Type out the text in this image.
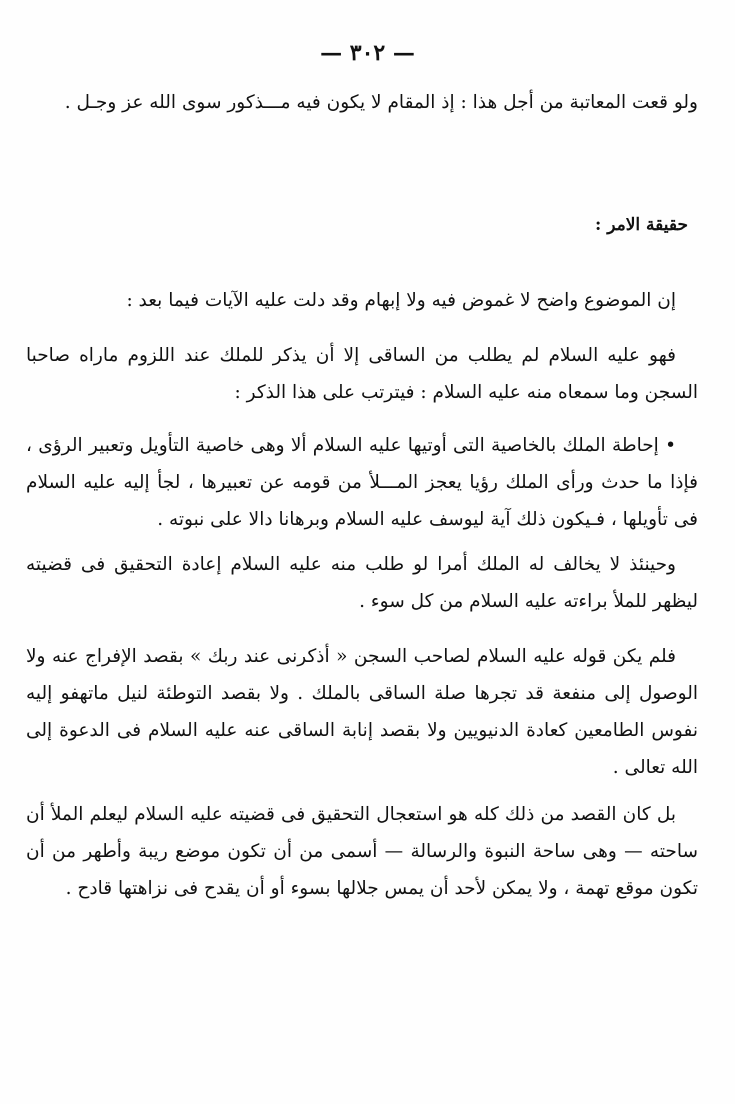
— ٣٠٢ —

ولو قعت المعاتبة من أجل هذا : إذ المقام لا يكون فيه مـــذكور سوى الله عز وجـل .

حقيقة الامر :

إن الموضوع واضح لا غموض فيه ولا إبهام وقد دلت عليه الآيات فيما بعد :

فهو عليه السلام لم يطلب من الساقى إلا أن يذكر للملك عند اللزوم ماراه صاحبا السجن وما سمعاه منه عليه السلام : فيترتب على هذا الذكر :

• إحاطة الملك بالخاصية التى أوتيها عليه السلام ألا وهى خاصية التأويل وتعبير الرؤى ، فإذا ما حدث ورأى الملك رؤيا يعجز المـــلأ من قومه عن تعبيرها ، لجأ إليه عليه السلام فى تأويلها ، فـيكون ذلك آية ليوسف عليه السلام وبرهانا دالا على نبوته .

وحينئذ لا يخالف له الملك أمرا لو طلب منه عليه السلام إعادة التحقيق فى قضيته ليظهر للملأ براءته عليه السلام من كل سوء .

فلم يكن قوله عليه السلام لصاحب السجن « أذكرنى عند ربك » بقصد الإفراج عنه ولا الوصول إلى منفعة قد تجرها صلة الساقى بالملك . ولا بقصد التوطئة لنيل ماتهفو إليه نفوس الطامعين كعادة الدنيويين ولا بقصد إنابة الساقى عنه عليه السلام فى الدعوة إلى الله تعالى .

بل كان القصد من ذلك كله هو استعجال التحقيق فى قضيته عليه السلام ليعلم الملأ أن ساحته — وهى ساحة النبوة والرسالة — أسمى من أن تكون موضع ريبة وأطهر من أن تكون موقع تهمة ، ولا يمكن لأحد أن يمس جلالها بسوء أو أن يقدح فى نزاهتها قادح .
